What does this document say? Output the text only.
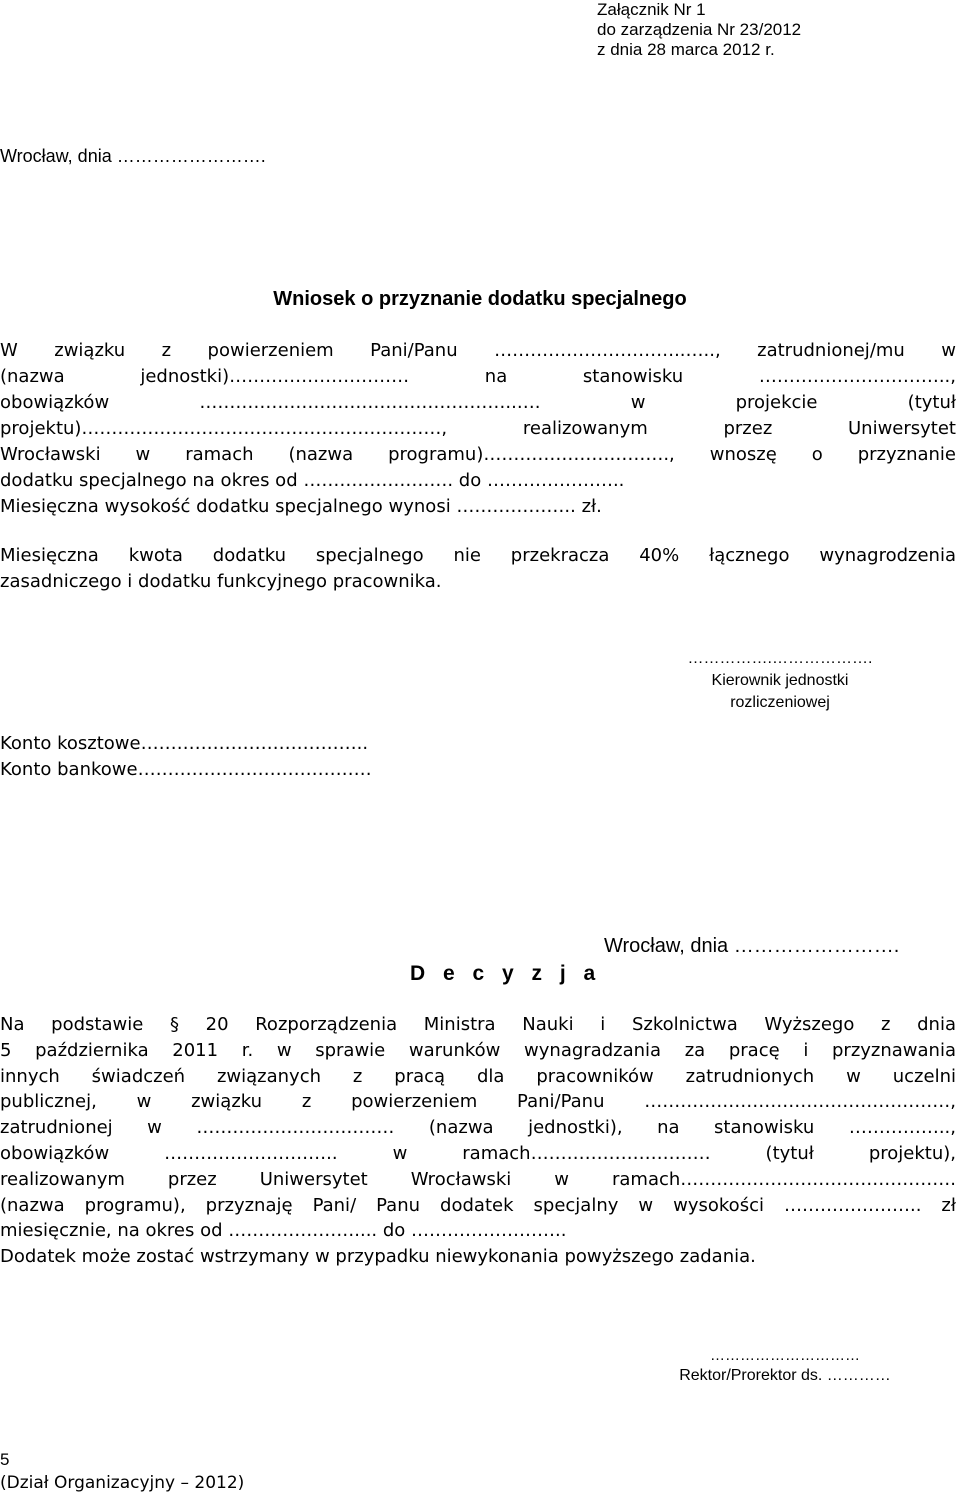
Załącznik Nr 1
do zarządzenia Nr 23/2012
z dnia 28 marca 2012 r.
Wrocław, dnia …………………….
Wniosek o przyznanie dodatku specjalnego
W związku z powierzeniem Pani/Panu …………………………..….., zatrudnionej/mu w
(nazwa jednostki)………………………… na stanowisku …………………………..,
obowiązków ……………………………………………..…. w projekcie (tytuł
projektu)……………………………………………………, realizowanym przez Uniwersytet
Wrocławski w ramach (nazwa programu)…………………………., wnoszę o przyznanie
dodatku specjalnego na okres od ……………………. do …………………..
Miesięczna wysokość dodatku specjalnego wynosi ……………….. zł.
Miesięczna kwota dodatku specjalnego nie przekracza 40% łącznego wynagrodzenia
zasadniczego i dodatku funkcyjnego pracownika.
…………….……………….
Kierownik jednostki rozliczeniowej
Konto kosztowe………………………………..
Konto bankowe…………………………………
Wrocław, dnia …………………….
D e c y z j a
Na podstawie § 20 Rozporządzenia Ministra Nauki i Szkolnictwa Wyższego z dnia
5 października 2011 r. w sprawie warunków wynagradzania za pracę i przyznawania
innych świadczeń związanych z pracą dla pracowników zatrudnionych w uczelni
publicznej, w związku z powierzeniem Pani/Panu ……………………………………………,
zatrudnionej w …………………………… (nazwa jednostki), na stanowisku ……………..,
obowiązków ……………………….. w ramach………………………… (tytuł projektu),
realizowanym przez Uniwersytet Wrocławski w ramach……………………………………….
(nazwa programu), przyznaję Pani/ Panu dodatek specjalny w wysokości ………………….. zł
miesięcznie, na okres od ………………….... do ……………………..
Dodatek może zostać wstrzymany w przypadku niewykonania powyższego zadania.
…………………………
Rektor/Prorektor ds. …………
5
(Dział Organizacyjny – 2012)
